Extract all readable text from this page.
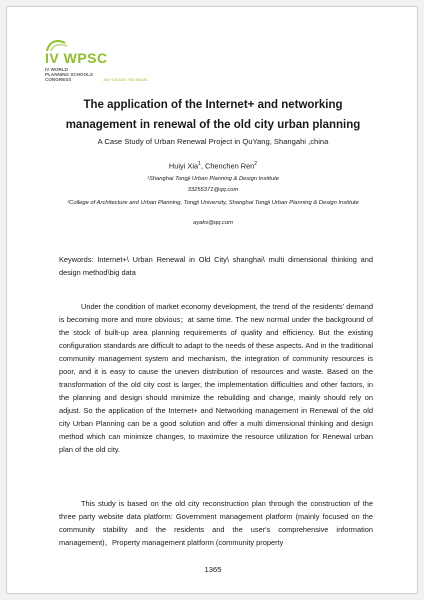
IV WPSC
IV WORLD PLANNING SCHOOLS CONGRESS	JULY 4-8 2016 • RIO, BRAZIL
The application of the Internet+ and networking
management in renewal of the old city urban planning
A Case Study of Urban Renewal Project in QuYang, Shangahi ,china
Huiyi Xia$^1$, Chenchen Ren$^2$
¹Shanghai Tongji Urban Planning & Design Institute
33255371@qq.com
²College of Architecture and Urban Planning, Tongji University, Shanghai Tongji Urban Planning & Design Institute
ayaks@qq.com
Keywords: Internet+\ Urban Renewal in Old City\ shanghai\ multi dimensional thinking and design method\big data
Under the condition of market economy development, the trend of the residents' demand is becoming more and more obvious；at same time. The new normal under the background of the stock of built-up area planning requirements of quality and efficiency. But the existing configuration standards are difficult to adapt to the needs of these aspects. And in the traditional community management system and mechanism, the integration of community resources is poor, and it is easy to cause the uneven distribution of resources and waste. Based on the transformation of the old city cost is larger, the implementation difficulties and other factors, in the planning and design should minimize the rebuilding and change, mainly should rely on adjust. So the application of the Internet+ and Networking management in Renewal of the old city Urban Planning can be a good solution and offer a multi dimensional thinking and design method which can minimize changes, to maximize the resource utilization for Renewal urban plan of the old city.
This study is based on the old city reconstruction plan through the construction of the three party website data platform: Government management platform (mainly focused on the community stability and the residents and the user's comprehensive information management)、Property management platform (community property
1365
